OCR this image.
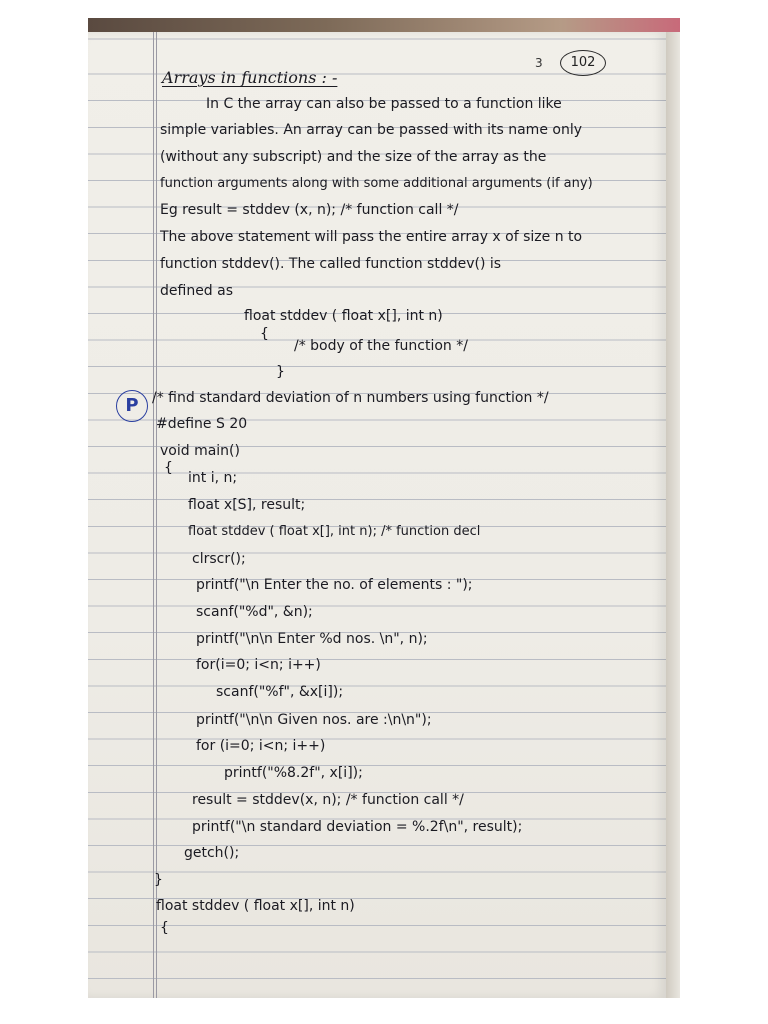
3	102
P
Arrays in functions : -
In C the array can also be passed to a function like
simple variables. An array can be passed with its name only
(without any subscript) and the size of the array as the
function arguments along with some additional arguments (if any)
Eg result = stddev (x, n); /* function call */
The above statement will pass the entire array x of size n to
function stddev(). The called function stddev() is
defined as
float stddev ( float x[], int n)
{
/* body of the function */
}
/* find standard deviation of n numbers using function */
#define S 20
void main()
{
int i, n;
float x[S], result;
float stddev ( float x[], int n); /* function decl
clrscr();
printf("\n Enter the no. of elements : ");
scanf("%d", &n);
printf("\n\n Enter %d nos. \n", n);
for(i=0; i<n; i++)
scanf("%f", &x[i]);
printf("\n\n Given nos. are :\n\n");
for (i=0; i<n; i++)
printf("%8.2f", x[i]);
result = stddev(x, n); /* function call */
printf("\n standard deviation = %.2f\n", result);
getch();
}
float stddev ( float x[], int n)
{
